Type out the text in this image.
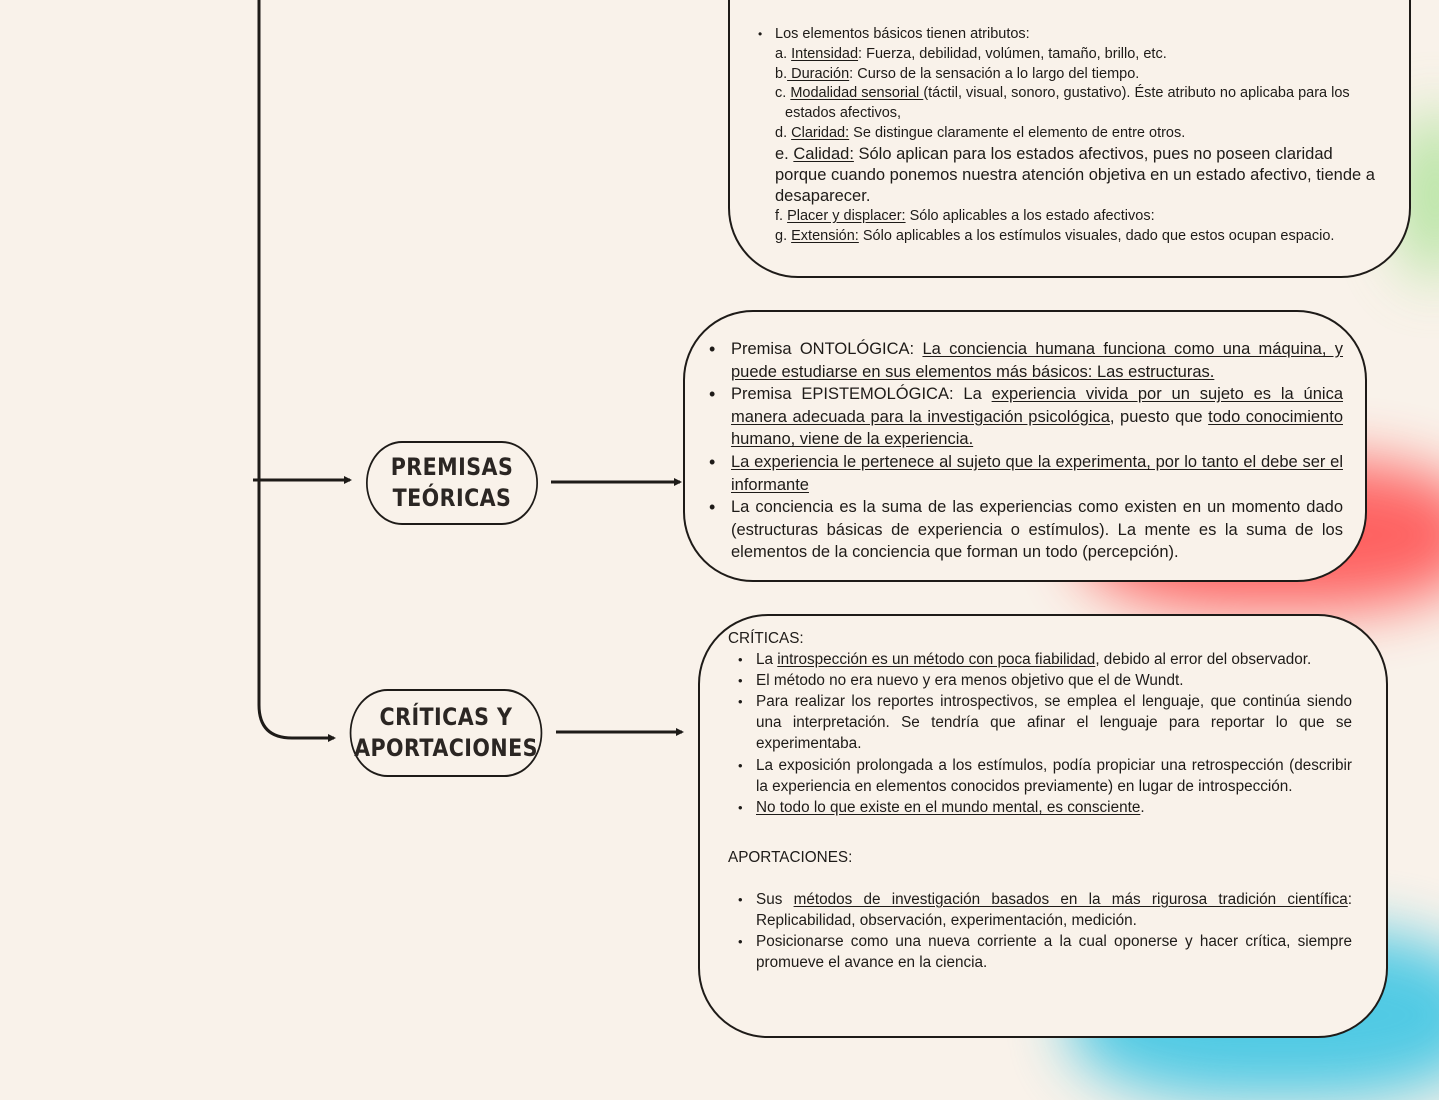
PREMISAS
TEÓRICAS
CRÍTICAS Y
APORTACIONES
• Los elementos básicos tienen atributos:
a. Intensidad: Fuerza, debilidad, volúmen, tamaño, brillo, etc.
b. Duración: Curso de la sensación a lo largo del tiempo.
c. Modalidad sensorial (táctil, visual, sonoro, gustativo). Éste atributo no aplicaba para los
estados afectivos,
d. Claridad: Se distingue claramente el elemento de entre otros.
e. Calidad: Sólo aplican para los estados afectivos, pues no poseen claridad porque cuando ponemos nuestra atención objetiva en un estado afectivo, tiende a desaparecer.
f. Placer y displacer: Sólo aplicables a los estado afectivos:
g. Extensión: Sólo aplicables a los estímulos visuales, dado que estos ocupan espacio.
• Premisa ONTOLÓGICA: La conciencia humana funciona como una máquina, y puede estudiarse en sus elementos más básicos: Las estructuras.
• Premisa EPISTEMOLÓGICA: La experiencia vivida por un sujeto es la única manera adecuada para la investigación psicológica, puesto que todo conocimiento humano, viene de la experiencia.
• La experiencia le pertenece al sujeto que la experimenta, por lo tanto el debe ser el informante
• La conciencia es la suma de las experiencias como existen en un momento dado (estructuras básicas de experiencia o estímulos). La mente es la suma de los elementos de la conciencia que forman un todo (percepción).
CRÍTICAS:
• La introspección es un método con poca fiabilidad, debido al error del observador.
• El método no era nuevo y era menos objetivo que el de Wundt.
• Para realizar los reportes introspectivos, se emplea el lenguaje, que continúa siendo una interpretación. Se tendría que afinar el lenguaje para reportar lo que se experimentaba.
• La exposición prolongada a los estímulos, podía propiciar una retrospección (describir la experiencia en elementos conocidos previamente) en lugar de introspección.
• No todo lo que existe en el mundo mental, es consciente.
APORTACIONES:
• Sus métodos de investigación basados en la más rigurosa tradición científica: Replicabilidad, observación, experimentación, medición.
• Posicionarse como una nueva corriente a la cual oponerse y hacer crítica, siempre promueve el avance en la ciencia.
